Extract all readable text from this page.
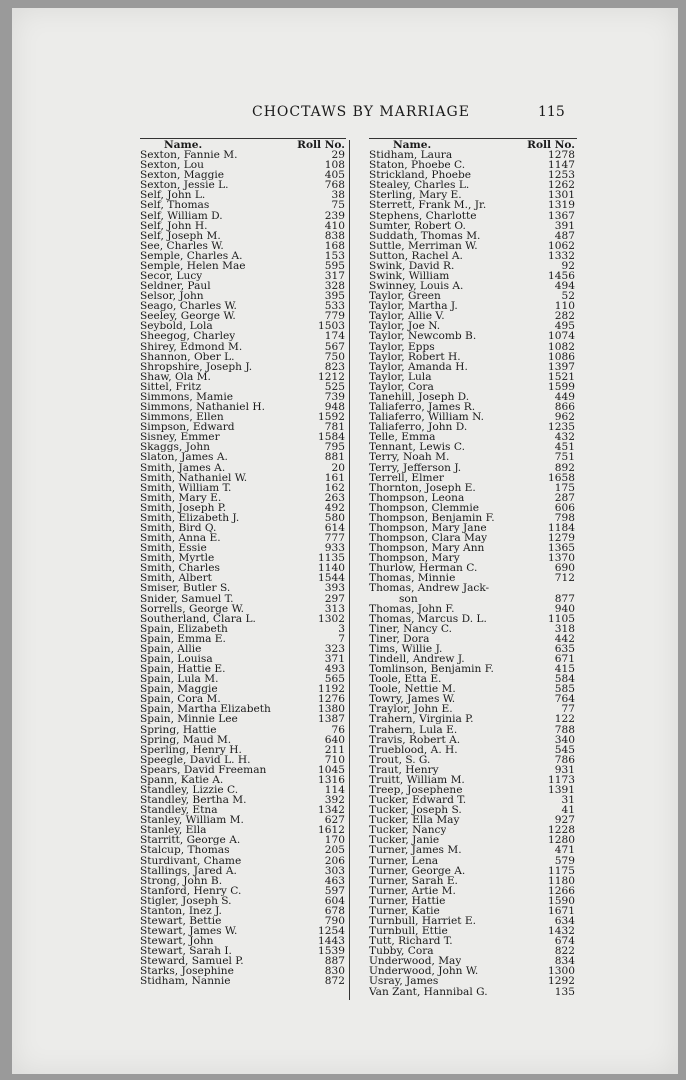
CHOCTAWS BY MARRIAGE	115
Name.	Roll No.
Sexton, Fannie M.	29
Sexton, Lou	108
Sexton, Maggie	405
Sexton, Jessie L.	768
Self, John L.	38
Self, Thomas	75
Self, William D.	239
Self, John H.	410
Self, Joseph M.	838
See, Charles W.	168
Semple, Charles A.	153
Semple, Helen Mae	595
Secor, Lucy	317
Seldner, Paul	328
Selsor, John	395
Seago, Charles W.	533
Seeley, George W.	779
Seybold, Lola	1503
Sheegog, Charley	174
Shirey, Edmond M.	567
Shannon, Ober L.	750
Shropshire, Joseph J.	823
Shaw, Ola M.	1212
Sittel, Fritz	525
Simmons, Mamie	739
Simmons, Nathaniel H.	948
Simmons, Ellen	1592
Simpson, Edward	781
Sisney, Emmer	1584
Skaggs, John	795
Slaton, James A.	881
Smith, James A.	20
Smith, Nathaniel W.	161
Smith, William T.	162
Smith, Mary E.	263
Smith, Joseph P.	492
Smith, Elizabeth J.	580
Smith, Bird Q.	614
Smith, Anna E.	777
Smith, Essie	933
Smith, Myrtle	1135
Smith, Charles	1140
Smith, Albert	1544
Smiser, Butler S.	393
Snider, Samuel T.	297
Sorrells, George W.	313
Southerland, Clara L.	1302
Spain, Elizabeth	3
Spain, Emma E.	7
Spain, Allie	323
Spain, Louisa	371
Spain, Hattie E.	493
Spain, Lula M.	565
Spain, Maggie	1192
Spain, Cora M.	1276
Spain, Martha Elizabeth	1380
Spain, Minnie Lee	1387
Spring, Hattie	76
Spring, Maud M.	640
Sperling, Henry H.	211
Speegle, David L. H.	710
Spears, David Freeman	1045
Spann, Katie A.	1316
Standley, Lizzie C.	114
Standley, Bertha M.	392
Standley, Etna	1342
Stanley, William M.	627
Stanley, Ella	1612
Starritt, George A.	170
Stalcup, Thomas	205
Sturdivant, Chame	206
Stallings, Jared A.	303
Strong, John B.	463
Stanford, Henry C.	597
Stigler, Joseph S.	604
Stanton, Inez J.	678
Stewart, Bettie	790
Stewart, James W.	1254
Stewart, John	1443
Stewart, Sarah I.	1539
Steward, Samuel P.	887
Starks, Josephine	830
Stidham, Nannie	872
Name.	Roll No.
Stidham, Laura	1278
Staton, Phoebe C.	1147
Strickland, Phoebe	1253
Stealey, Charles L.	1262
Sterling, Mary E.	1301
Sterrett, Frank M., Jr.	1319
Stephens, Charlotte	1367
Sumter, Robert O.	391
Suddath, Thomas M.	487
Suttle, Merriman W.	1062
Sutton, Rachel A.	1332
Swink, David R.	92
Swink, William	1456
Swinney, Louis A.	494
Taylor, Green	52
Taylor, Martha J.	110
Taylor, Allie V.	282
Taylor, Joe N.	495
Taylor, Newcomb B.	1074
Taylor, Epps	1082
Taylor, Robert H.	1086
Taylor, Amanda H.	1397
Taylor, Lula	1521
Taylor, Cora	1599
Tanehill, Joseph D.	449
Taliaferro, James R.	866
Taliaferro, William N.	962
Taliaferro, John D.	1235
Telle, Emma	432
Tennant, Lewis C.	451
Terry, Noah M.	751
Terry, Jefferson J.	892
Terrell, Elmer	1658
Thornton, Joseph E.	175
Thompson, Leona	287
Thompson, Clemmie	606
Thompson, Benjamin F.	798
Thompson, Mary Jane	1184
Thompson, Clara May	1279
Thompson, Mary Ann	1365
Thompson, Mary	1370
Thurlow, Herman C.	690
Thomas, Minnie	712
Thomas, Andrew Jack-
son	877
Thomas, John F.	940
Thomas, Marcus D. L.	1105
Tiner, Nancy C.	318
Tiner, Dora	442
Tims, Willie J.	635
Tindell, Andrew J.	671
Tomlinson, Benjamin F.	415
Toole, Etta E.	584
Toole, Nettie M.	585
Towry, James W.	764
Traylor, John E.	77
Trahern, Virginia P.	122
Trahern, Lula E.	788
Travis, Robert A.	340
Trueblood, A. H.	545
Trout, S. G.	786
Traut, Henry	931
Truitt, William M.	1173
Treep, Josephene	1391
Tucker, Edward T.	31
Tucker, Joseph S.	41
Tucker, Ella May	927
Tucker, Nancy	1228
Tucker, Janie	1280
Turner, James M.	471
Turner, Lena	579
Turner, George A.	1175
Turner, Sarah E.	1180
Turner, Artie M.	1266
Turner, Hattie	1590
Turner, Katie	1671
Turnbull, Harriet E.	634
Turnbull, Ettie	1432
Tutt, Richard T.	674
Tubby, Cora	822
Underwood, May	834
Underwood, John W.	1300
Usray, James	1292
Van Zant, Hannibal G.	135
